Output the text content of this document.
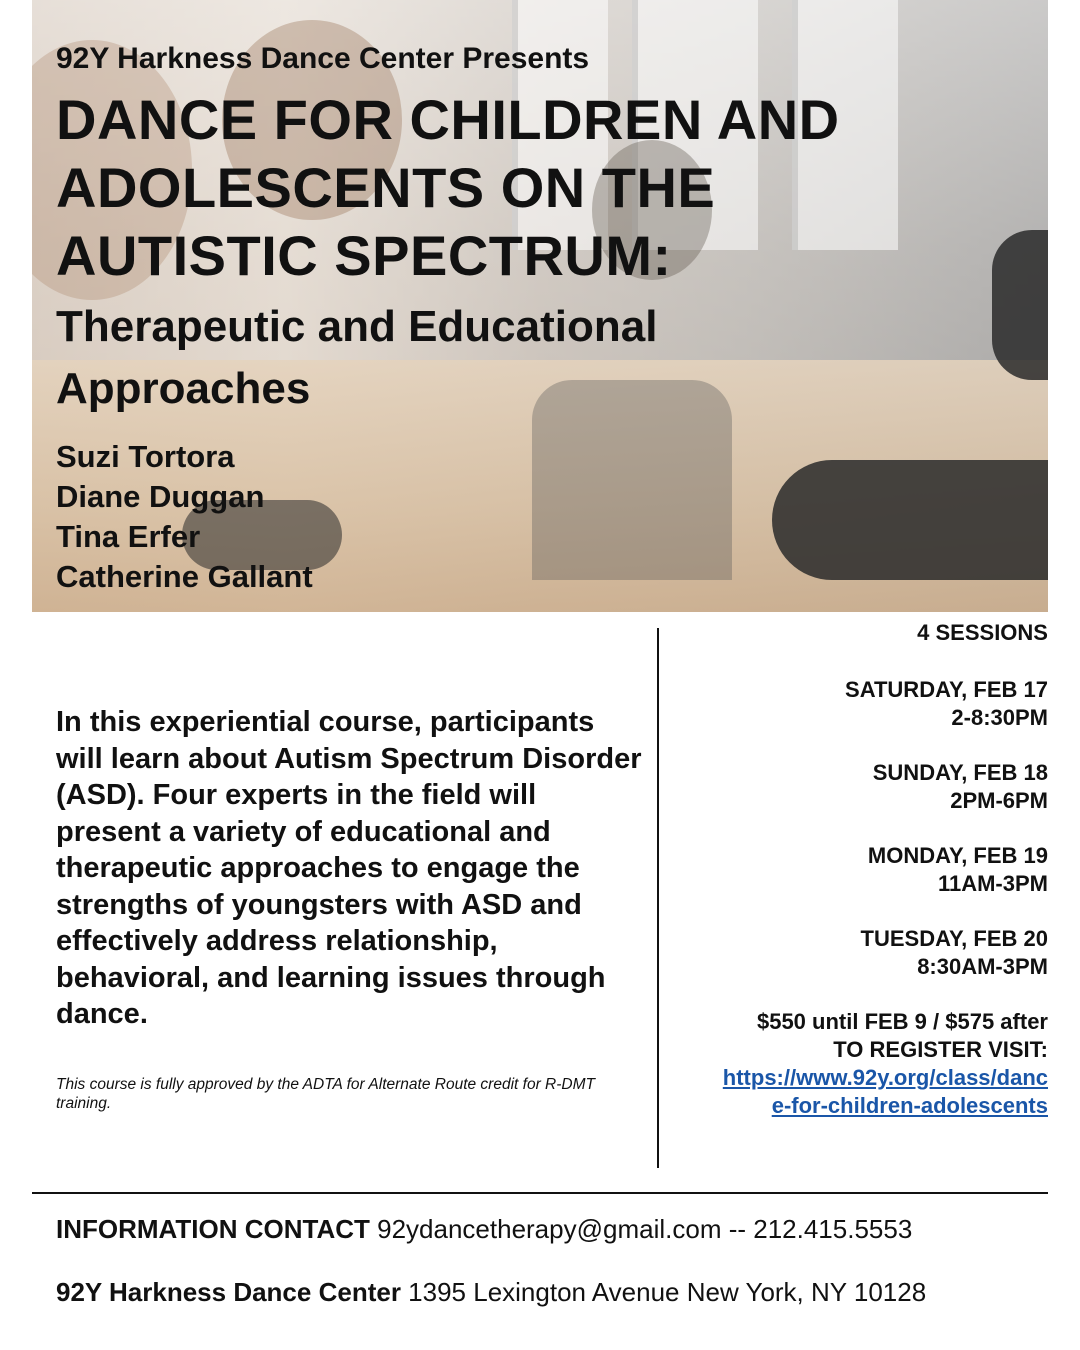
92Y Harkness Dance Center Presents
DANCE FOR CHILDREN AND
ADOLESCENTS ON THE
AUTISTIC SPECTRUM:
Therapeutic and Educational
Approaches
Suzi Tortora
Diane Duggan
Tina Erfer
Catherine Gallant
In this experiential course, participants will learn about Autism Spectrum Disorder (ASD). Four experts in the field will present a variety of educational and therapeutic approaches to engage the strengths of youngsters with ASD and effectively address relationship, behavioral, and learning issues through dance.
This course is fully approved by the ADTA for Alternate Route credit for R-DMT training.
4 SESSIONS
SATURDAY, FEB 17
2-8:30PM
SUNDAY, FEB 18
2PM-6PM
MONDAY, FEB 19
11AM-3PM
TUESDAY, FEB 20
8:30AM-3PM
$550 until FEB 9 / $575 after
TO REGISTER VISIT:
https://www.92y.org/class/danc
e-for-children-adolescents
INFORMATION CONTACT 92ydancetherapy@gmail.com -- 212.415.5553
92Y Harkness Dance Center 1395 Lexington Avenue New York, NY 10128
